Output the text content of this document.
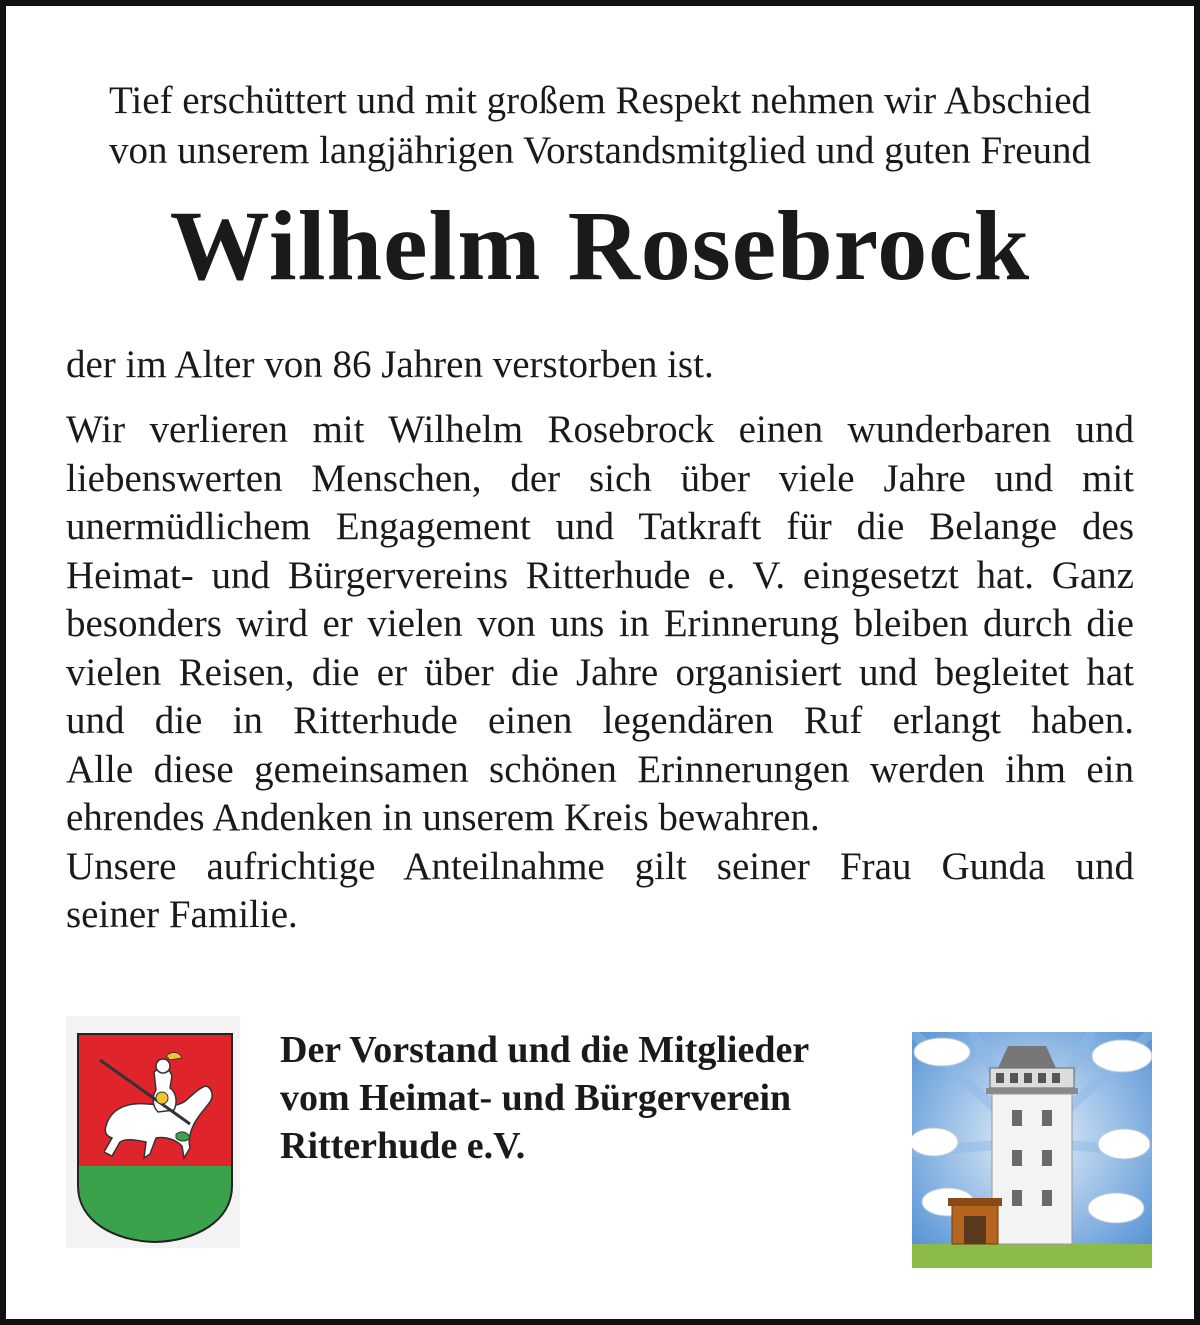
Tief erschüttert und mit großem Respekt nehmen wir Abschied
von unserem langjährigen Vorstandsmitglied und guten Freund
Wilhelm Rosebrock
der im Alter von 86 Jahren verstorben ist.
Wir verlieren mit Wilhelm Rosebrock einen wunderbaren und
liebenswerten Menschen, der sich über viele Jahre und mit
unermüdlichem Engagement und Tatkraft für die Belange des
Heimat- und Bürgervereins Ritterhude e. V. eingesetzt hat. Ganz
besonders wird er vielen von uns in Erinnerung bleiben durch die
vielen Reisen, die er über die Jahre organisiert und begleitet hat
und die in Ritterhude einen legendären Ruf erlangt haben.
Alle diese gemeinsamen schönen Erinnerungen werden ihm ein
ehrendes Andenken in unserem Kreis bewahren.
Unsere aufrichtige Anteilnahme gilt seiner Frau Gunda und
seiner Familie.
Der Vorstand und die Mitglieder
vom Heimat- und Bürgerverein
Ritterhude e.V.
